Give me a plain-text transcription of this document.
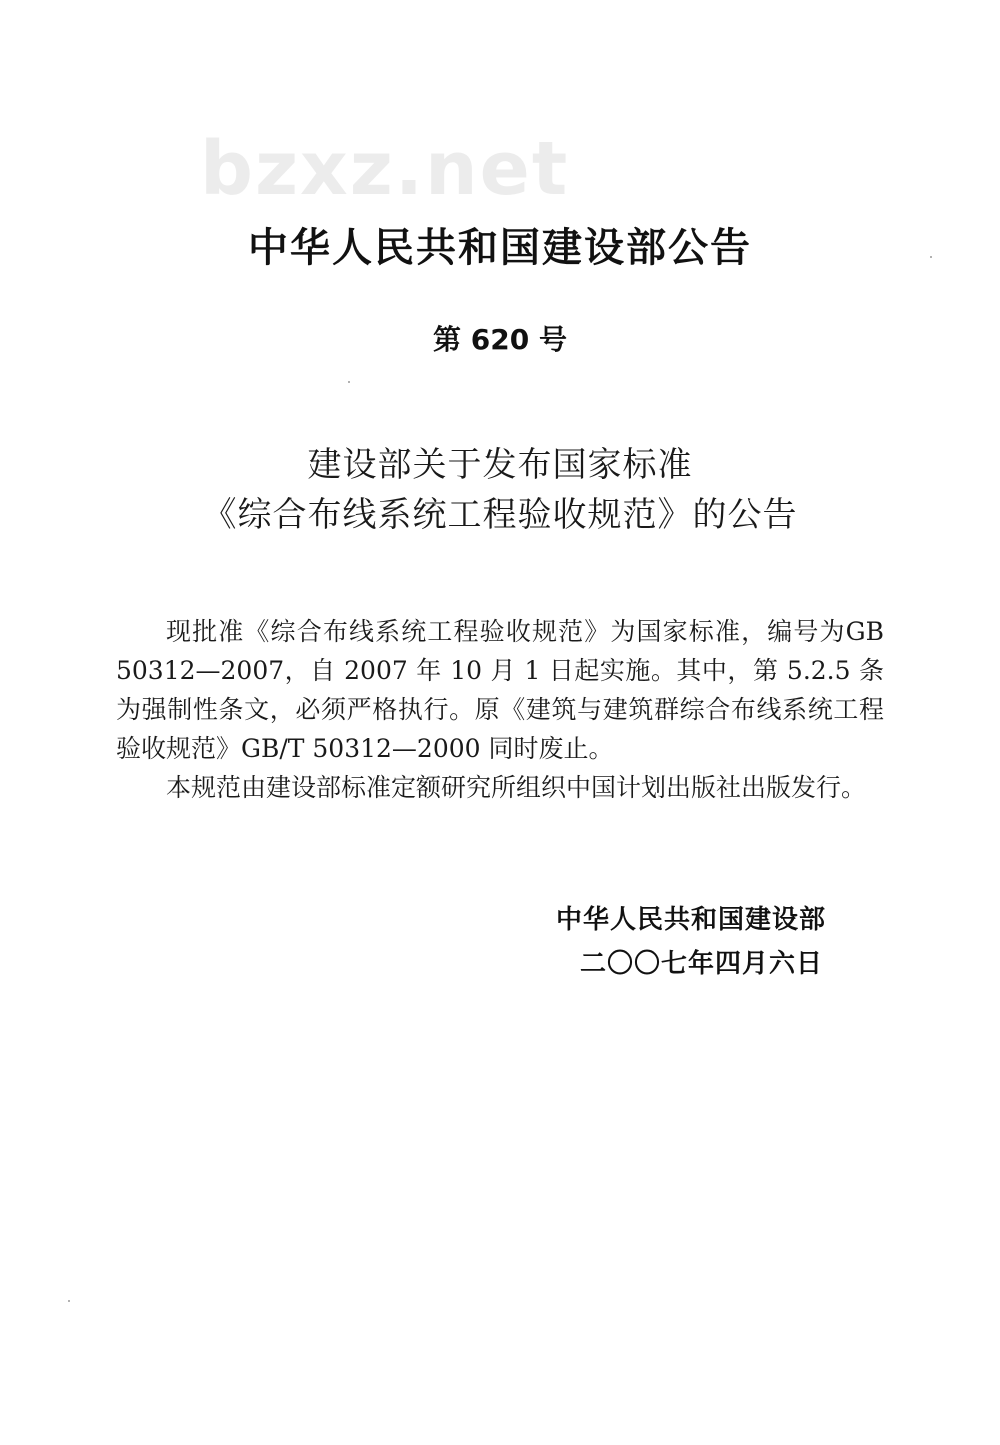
bzxz.net
中华人民共和国建设部公告
第 620 号
建设部关于发布国家标准
《综合布线系统工程验收规范》的公告

现批准《综合布线系统工程验收规范》为国家标准，编号为GB 50312—2007，自 2007 年 10 月 1 日起实施。其中，第 5.2.5 条为强制性条文，必须严格执行。原《建筑与建筑群综合布线系统工程验收规范》GB/T 50312—2000 同时废止。

本规范由建设部标准定额研究所组织中国计划出版社出版发行。

中华人民共和国建设部
二〇〇七年四月六日
